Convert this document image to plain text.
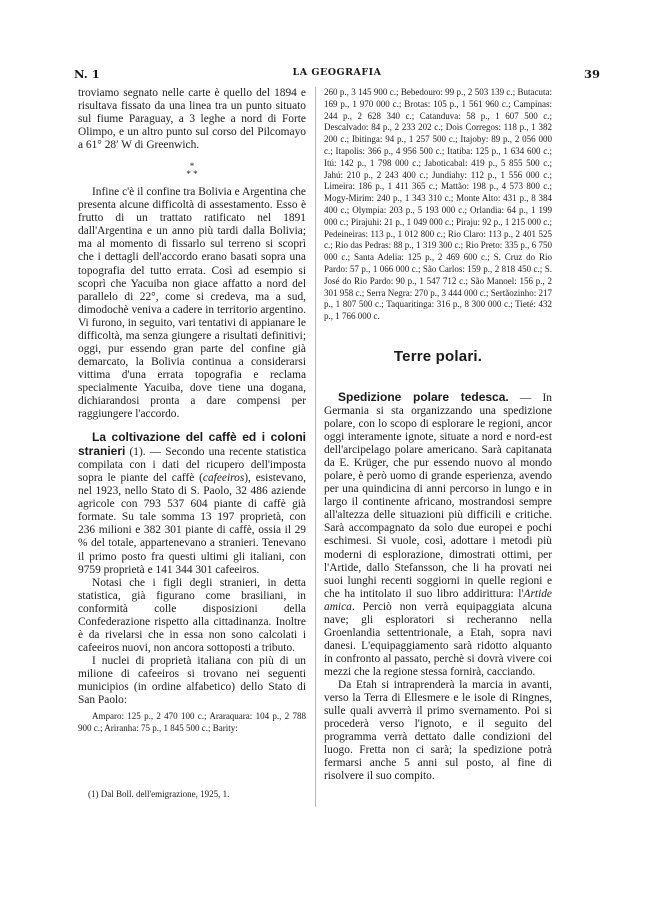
N. 1	LA GEOGRAFIA	39

troviamo segnato nelle carte è quello del 1894 e risultava fissato da una linea tra un punto situato sul fiume Paraguay, a 3 leghe a nord di Forte Olimpo, e un altro punto sul corso del Pilcomayo a 61° 28′ W di Greenwich.

*
* *

Infine c'è il confine tra Bolivia e Argentina che presenta alcune difficoltà di assestamento. Esso è frutto di un trattato ratificato nel 1891 dall'Argentina e un anno più tardi dalla Bolivia; ma al momento di fissarlo sul terreno si scoprì che i dettagli dell'accordo erano basati sopra una topografia del tutto errata. Così ad esempio si scoprì che Yacuiba non giace affatto a nord del parallelo di 22°, come si credeva, ma a sud, dimodochè veniva a cadere in territorio argentino. Vi furono, in seguito, vari tentativi di appianare le difficoltà, ma senza giungere a risultati definitivi; oggi, pur essendo gran parte del confine già demarcato, la Bolivia continua a considerarsi vittima d'una errata topografia e reclama specialmente Yacuiba, dove tiene una dogana, dichiarandosi pronta a dare compensi per raggiungere l'accordo.

La coltivazione del caffè ed i coloni stranieri (1). — Secondo una recente statistica compilata con i dati del ricupero dell'imposta sopra le piante del caffè (cafeeiros), esistevano, nel 1923, nello Stato di S. Paolo, 32 486 aziende agricole con 793 537 604 piante di caffè già formate. Su tale somma 13 197 proprietà, con 236 milioni e 382 301 piante di caffè, ossia il 29 % del totale, appartenevano a stranieri. Tenevano il primo posto fra questi ultimi gli italiani, con 9759 proprietà e 141 344 301 cafeeiros.

Notasi che i figli degli stranieri, in detta statistica, già figurano come brasiliani, in conformità colle disposizioni della Confederazione rispetto alla cittadinanza. Inoltre è da rivelarsi che in essa non sono calcolati i cafeeiros nuovi, non ancora sottoposti a tributo.

I nuclei di proprietà italiana con più di un milione di cafeeiros si trovano nei seguenti municipios (in ordine alfabetico) dello Stato di San Paolo:

Amparo: 125 p., 2 470 100 c.; Araraquara: 104 p., 2 788 900 c.; Ariranha: 75 p., 1 845 500 c.; Barity:

260 p., 3 145 900 c.; Bebedouro: 99 p., 2 503 139 c.; Butacuta: 169 p., 1 970 000 c.; Brotas: 105 p., 1 561 960 c.; Campinas: 244 p., 2 628 340 c.; Catanduva: 58 p., 1 607 500 c.; Descalvado: 84 p., 2 233 202 c.; Dois Corregos: 118 p., 1 382 200 c.; Ibitinga: 94 p., 1 257 500 c.; Itajoby: 89 p., 2 056 000 c.; Itapolis: 366 p., 4 956 500 c.; Itatiba: 125 p., 1 634 600 c.; Itú: 142 p., 1 798 000 c.; Jaboticabal: 419 p., 5 855 500 c.; Jahú: 210 p., 2 243 400 c.; Jundiahy: 112 p., 1 556 000 c.; Limeira: 186 p., 1 411 365 c.; Mattão: 198 p., 4 573 800 c.; Mogy-Mirim: 240 p., 1 343 310 c.; Monte Alto: 431 p., 8 384 400 c.; Olympia: 203 p., 5 193 000 c.; Orlandia: 64 p., 1 199 000 c.; Pirajuhi: 21 p., 1 049 000 c.; Piraju: 92 p., 1 215 000 c.; Pedeineiras: 113 p., 1 012 800 c.; Rio Claro: 113 p., 2 401 525 c.; Rio das Pedras: 88 p., 1 319 300 c.; Rio Preto: 335 p., 6 750 000 c.; Santa Adelia: 125 p., 2 469 600 c.; S. Cruz do Rio Pardo: 57 p., 1 066 000 c.; São Carlos: 159 p., 2 818 450 c.; S. José do Rio Pardo: 90 p., 1 547 712 c.; São Manoel: 156 p., 2 301 958 c.; Serra Negra: 270 p., 3 444 000 c.; Sertãozinho: 217 p., 1 807 500 c.; Taquaritinga: 316 p., 8 300 000 c.; Tieté: 432 p., 1 766 000 c.

Terre polari.

Spedizione polare tedesca. — In Germania si sta organizzando una spedizione polare, con lo scopo di esplorare le regioni, ancor oggi interamente ignote, situate a nord e nord-est dell'arcipelago polare americano. Sarà capitanata da E. Krüger, che pur essendo nuovo al mondo polare, è però uomo di grande esperienza, avendo per una quindicina di anni percorso in lungo e in largo il continente africano, mostrandosi sempre all'altezza delle situazioni più difficili e critiche. Sarà accompagnato da solo due europei e pochi eschimesi. Si vuole, così, adottare i metodi più moderni di esplorazione, dimostrati ottimi, per l'Artide, dallo Stefansson, che li ha provati nei suoi lunghi recenti soggiorni in quelle regioni e che ha intitolato il suo libro addirittura: l'Artide amica. Perciò non verrà equipaggiata alcuna nave; gli esploratori si recheranno nella Groenlandia settentrionale, a Etah, sopra navi danesi. L'equipaggiamento sarà ridotto alquanto in confronto al passato, perchè si dovrà vivere coi mezzi che la regione stessa fornirà, cacciando.

Da Etah si intraprenderà la marcia in avanti, verso la Terra di Ellesmere e le isole di Ringnes, sulle quali avverrà il primo svernamento. Poi si procederà verso l'ignoto, e il seguito del programma verrà dettato dalle condizioni del luogo. Fretta non ci sarà; la spedizione potrà fermarsi anche 5 anni sul posto, al fine di risolvere il suo compito.

(1) Dal Boll. dell'emigrazione, 1925, 1.
